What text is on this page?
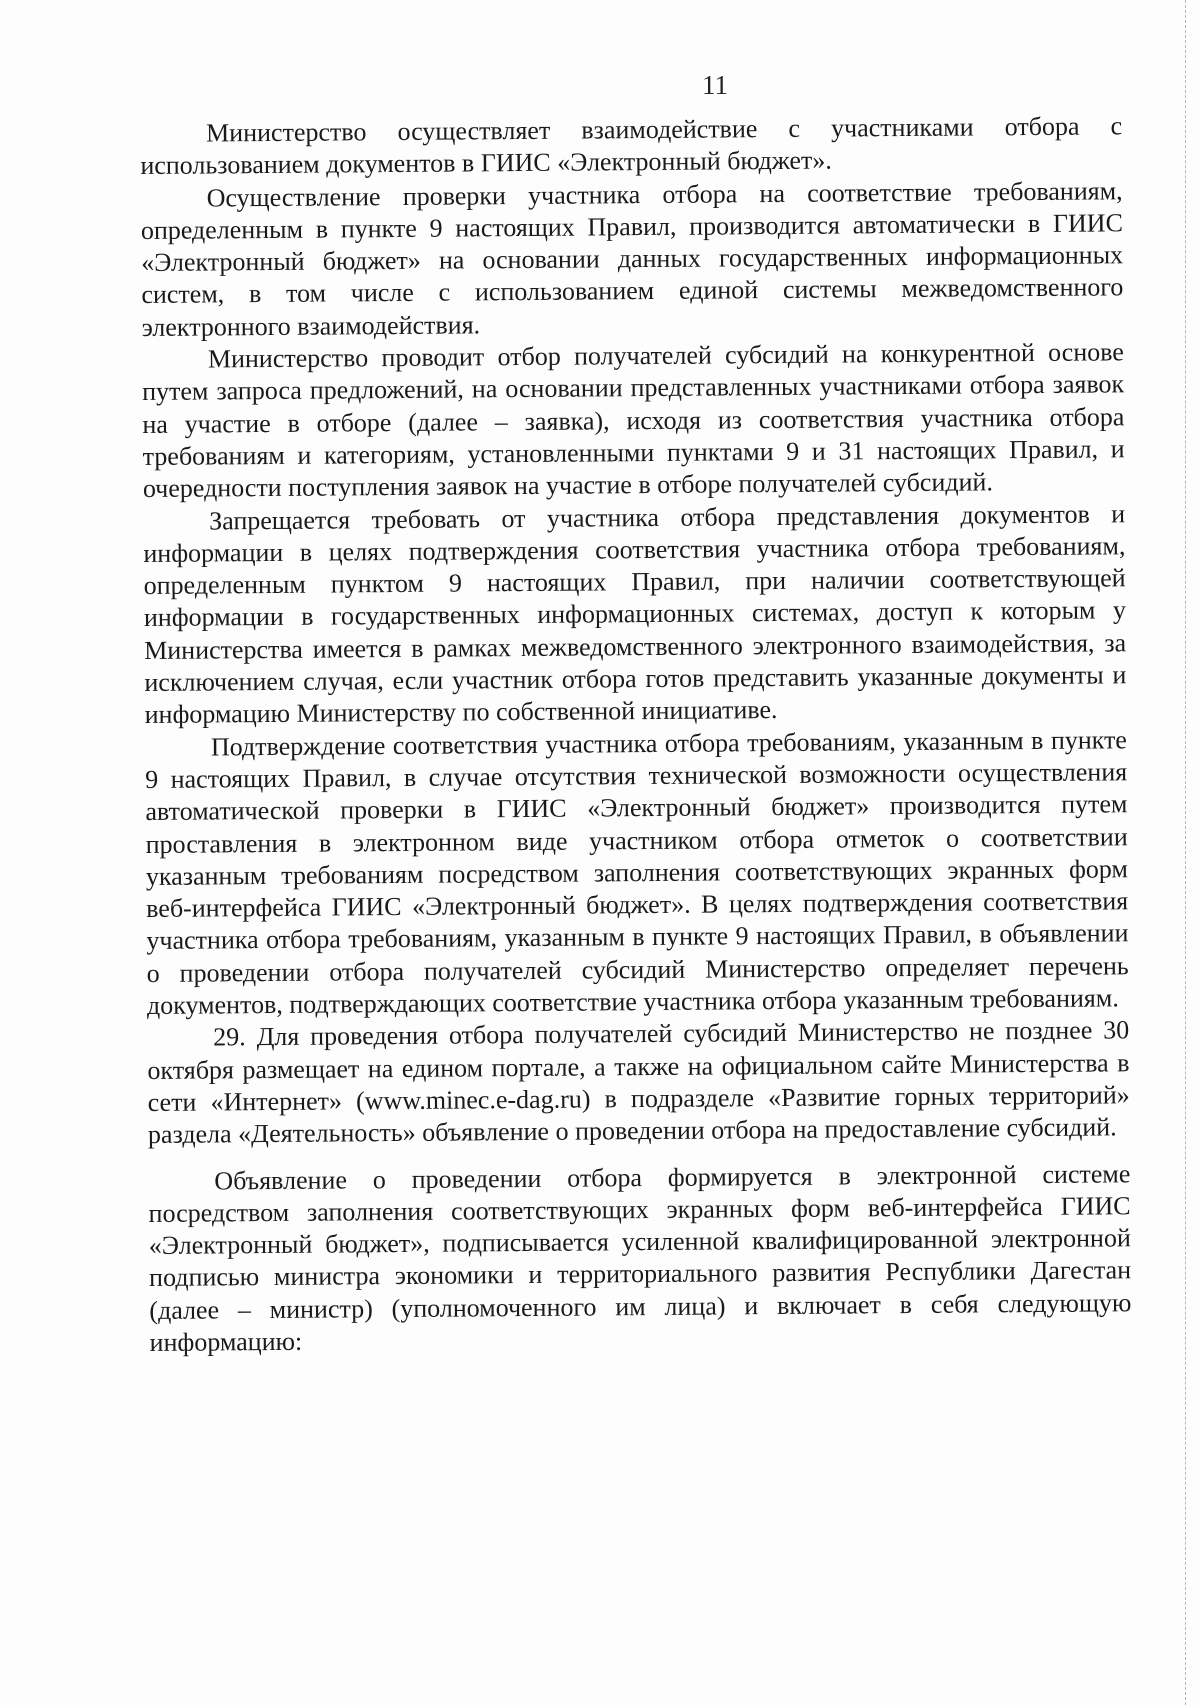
11

Министерство осуществляет взаимодействие с участниками отбора с использованием документов в ГИИС «Электронный бюджет».

Осуществление проверки участника отбора на соответствие требованиям, определенным в пункте 9 настоящих Правил, производится автоматически в ГИИС «Электронный бюджет» на основании данных государственных информационных систем, в том числе с использованием единой системы межведомственного электронного взаимодействия.

Министерство проводит отбор получателей субсидий на конкурентной основе путем запроса предложений, на основании представленных участниками отбора заявок на участие в отборе (далее – заявка), исходя из соответствия участника отбора требованиям и категориям, установленными пунктами 9 и 31 настоящих Правил, и очередности поступления заявок на участие в отборе получателей субсидий.

Запрещается требовать от участника отбора представления документов и информации в целях подтверждения соответствия участника отбора требованиям, определенным пунктом 9 настоящих Правил, при наличии соответствующей информации в государственных информационных системах, доступ к которым у Министерства имеется в рамках межведомственного электронного взаимодействия, за исключением случая, если участник отбора готов представить указанные документы и информацию Министерству по собственной инициативе.

Подтверждение соответствия участника отбора требованиям, указанным в пункте 9 настоящих Правил, в случае отсутствия технической возможности осуществления автоматической проверки в ГИИС «Электронный бюджет» производится путем проставления в электронном виде участником отбора отметок о соответствии указанным требованиям посредством заполнения соответствующих экранных форм веб-интерфейса ГИИС «Электронный бюджет». В целях подтверждения соответствия участника отбора требованиям, указанным в пункте 9 настоящих Правил, в объявлении о проведении отбора получателей субсидий Министерство определяет перечень документов, подтверждающих соответствие участника отбора указанным требованиям.

29. Для проведения отбора получателей субсидий Министерство не позднее 30 октября размещает на едином портале, а также на официальном сайте Министерства в сети «Интернет» (www.minec.e-dag.ru) в подразделе «Развитие горных территорий» раздела «Деятельность» объявление о проведении отбора на предоставление субсидий.

Объявление о проведении отбора формируется в электронной системе посредством заполнения соответствующих экранных форм веб-интерфейса ГИИС «Электронный бюджет», подписывается усиленной квалифицированной электронной подписью министра экономики и территориального развития Республики Дагестан (далее – министр) (уполномоченного им лица) и включает в себя следующую информацию:
